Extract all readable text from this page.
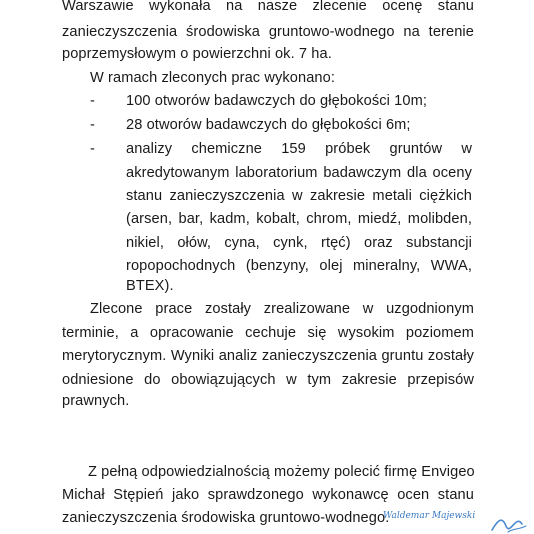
Warszawie wykonała na nasze zlecenie ocenę stanu
zanieczyszczenia środowiska gruntowo-wodnego na terenie
poprzemysłowym o powierzchni ok. 7 ha.
W ramach zleconych prac wykonano:
- 100 otworów badawczych do głębokości 10m;
- 28 otworów badawczych do głębokości 6m;
- analizy chemiczne 159 próbek gruntów w
akredytowanym laboratorium badawczym dla oceny
stanu zanieczyszczenia w zakresie metali ciężkich
(arsen, bar, kadm, kobalt, chrom, miedź, molibden,
nikiel, ołów, cyna, cynk, rtęć) oraz substancji
ropopochodnych (benzyny, olej mineralny, WWA,
BTEX).
Zlecone prace zostały zrealizowane w uzgodnionym
terminie, a opracowanie cechuje się wysokim poziomem
merytorycznym. Wyniki analiz zanieczyszczenia gruntu zostały
odniesione do obowiązujących w tym zakresie przepisów
prawnych.
Z pełną odpowiedzialnością możemy polecić firmę Envigeo
Michał Stępień jako sprawdzonego wykonawcę ocen stanu
zanieczyszczenia środowiska gruntowo-wodnego.
Waldemar Majewski
